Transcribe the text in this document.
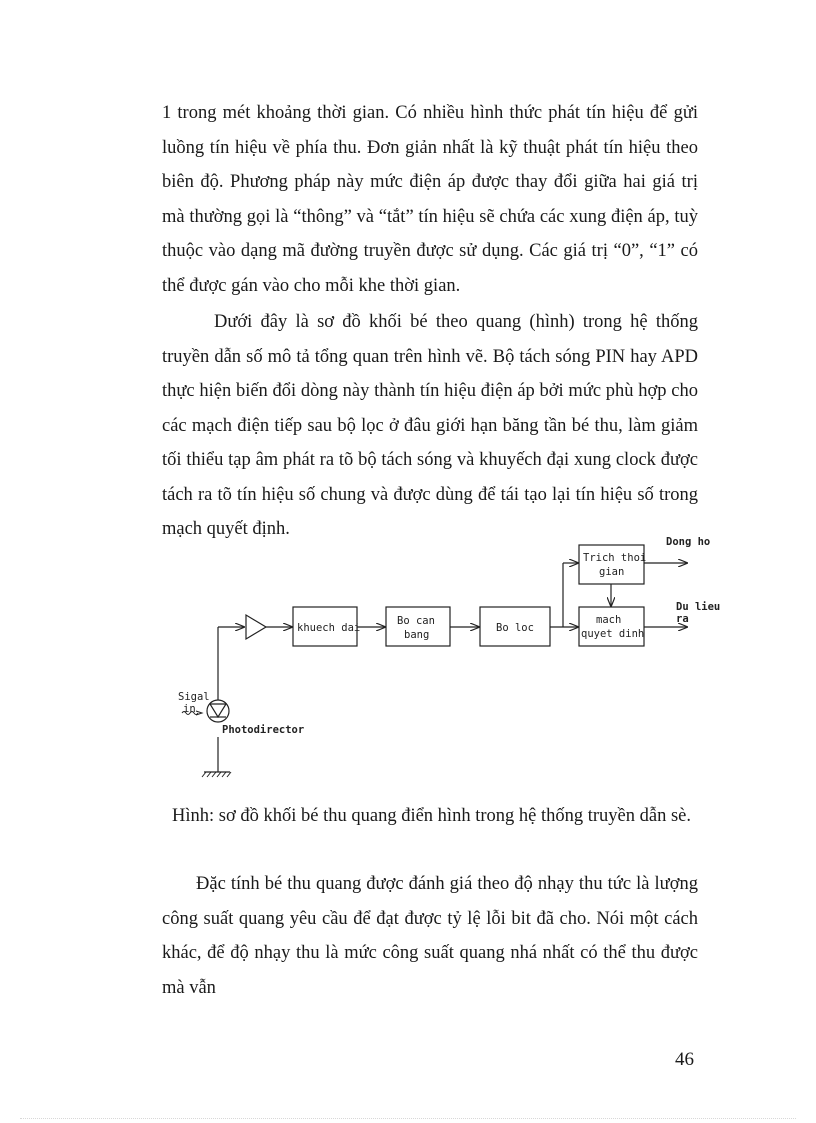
1 trong mét khoảng thời gian. Có nhiều hình thức phát tín hiệu để gửi luồng tín hiệu về phía thu. Đơn giản nhất là kỹ thuật phát tín hiệu theo biên độ. Phương pháp này mức điện áp được thay đổi giữa hai giá trị mà thường gọi là “thông” và “tắt” tín hiệu sẽ chứa các xung điện áp, tuỳ thuộc vào dạng mã đường truyền được sử dụng. Các giá trị “0”, “1” có thể được gán vào cho mỗi khe thời gian.

Dưới đây là sơ đồ khối bé theo quang (hình) trong hệ thống truyền dẫn số mô tả tổng quan trên hình vẽ. Bộ tách sóng PIN hay APD thực hiện biến đổi dòng này thành tín hiệu điện áp bởi mức phù hợp cho các mạch điện tiếp sau bộ lọc ở đâu giới hạn băng tần bé thu, làm giảm tối thiểu tạp âm phát ra tõ bộ tách sóng và khuyếch đại xung clock được tách ra tõ tín hiệu số chung và được dùng để tái tạo lại tín hiệu số trong mạch quyết định.

Sigal
in
Photodirector
khuech dai
Bo can
bang
Bo loc
Trich thoi
gian
mach
quyet dinh
Dong ho
Du lieu
ra

Hình: sơ đồ khối bé thu quang điển hình trong hệ thống truyền dẫn sè.

Đặc tính bé thu quang được đánh giá theo độ nhạy thu tức là lượng công suất quang yêu cầu để đạt được tỷ lệ lỗi bit đã cho. Nói một cách khác, để độ nhạy thu là mức công suất quang nhá nhất có thể thu được mà vẫn

46
